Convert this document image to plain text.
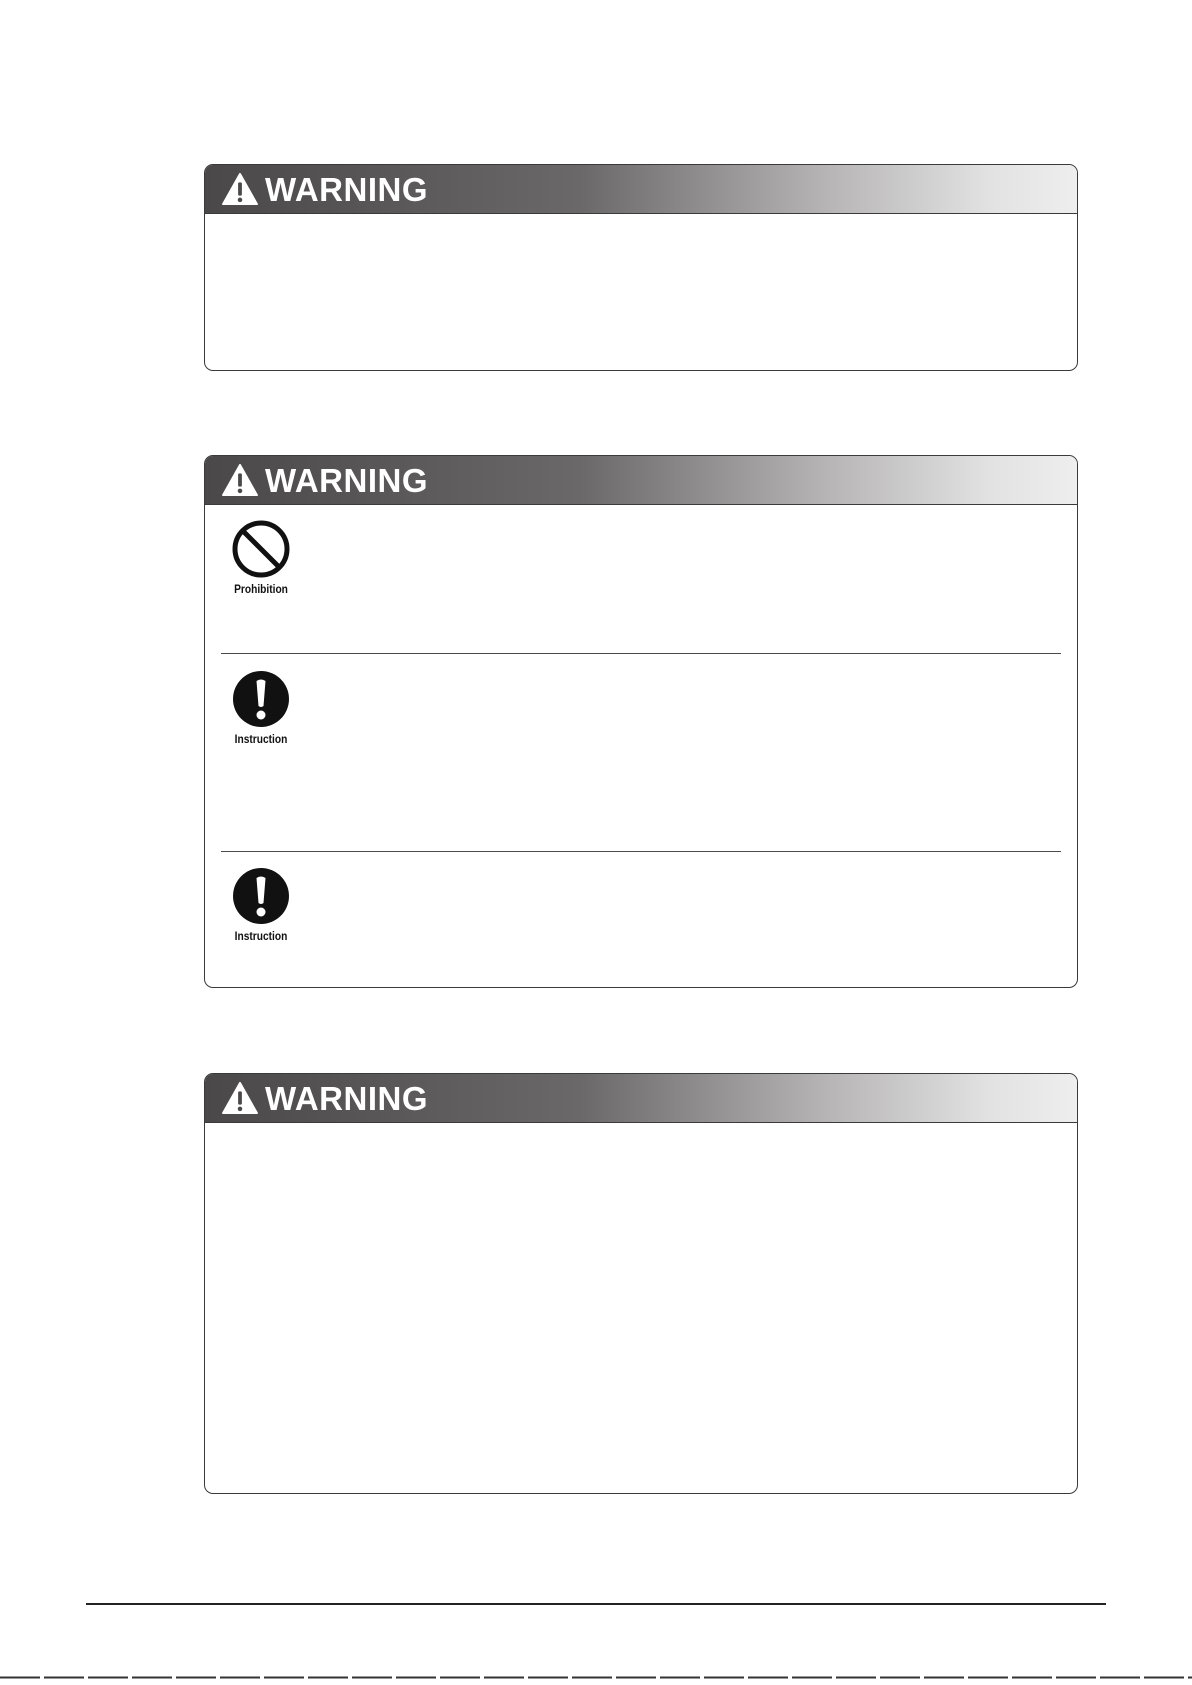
WARNING
WARNING
Prohibition
Instruction
Instruction
WARNING
